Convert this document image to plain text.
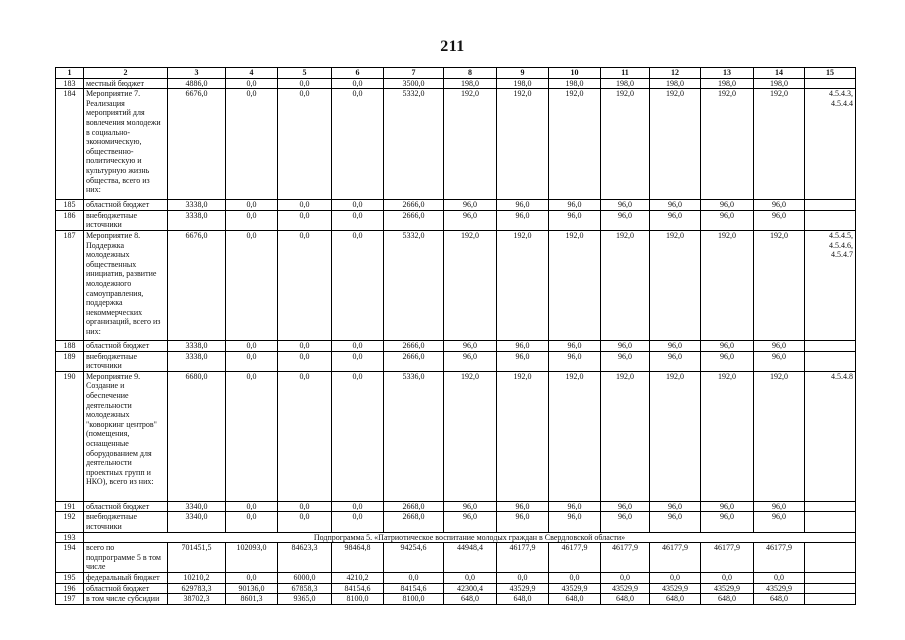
211
1	2	3	4	5	6	7	8	9	10	11	12	13	14	15
183	местный бюджет	4886,0	0,0	0,0	0,0	3500,0	198,0	198,0	198,0	198,0	198,0	198,0	198,0	
184	Мероприятие 7. Реализация мероприятий для вовлечения молодежи в социально-экономическую, общественно-политическую и культурную жизнь общества, всего из них:	6676,0	0,0	0,0	0,0	5332,0	192,0	192,0	192,0	192,0	192,0	192,0	192,0	4.5.4.3, 4.5.4.4
185	областной бюджет	3338,0	0,0	0,0	0,0	2666,0	96,0	96,0	96,0	96,0	96,0	96,0	96,0	
186	внебюджетные источники	3338,0	0,0	0,0	0,0	2666,0	96,0	96,0	96,0	96,0	96,0	96,0	96,0	
187	Мероприятие 8. Поддержка молодежных общественных инициатив, развитие молодежного самоуправления, поддержка некоммерческих организаций, всего из них:	6676,0	0,0	0,0	0,0	5332,0	192,0	192,0	192,0	192,0	192,0	192,0	192,0	4.5.4.5, 4.5.4.6, 4.5.4.7
188	областной бюджет	3338,0	0,0	0,0	0,0	2666,0	96,0	96,0	96,0	96,0	96,0	96,0	96,0	
189	внебюджетные источники	3338,0	0,0	0,0	0,0	2666,0	96,0	96,0	96,0	96,0	96,0	96,0	96,0	
190	Мероприятие 9. Создание и обеспечение деятельности молодежных "коворкинг центров" (помещения, оснащенные оборудованием для деятельности проектных групп и НКО), всего из них:	6680,0	0,0	0,0	0,0	5336,0	192,0	192,0	192,0	192,0	192,0	192,0	192,0	4.5.4.8
191	областной бюджет	3340,0	0,0	0,0	0,0	2668,0	96,0	96,0	96,0	96,0	96,0	96,0	96,0	
192	внебюджетные источники	3340,0	0,0	0,0	0,0	2668,0	96,0	96,0	96,0	96,0	96,0	96,0	96,0	
193	Подпрограмма 5. «Патриотическое воспитание молодых граждан в Свердловской области»													
194	всего по подпрограмме 5 в том числе	701451,5	102093,0	84623,3	98464,8	94254,6	44948,4	46177,9	46177,9	46177,9	46177,9	46177,9	46177,9	
195	федеральный бюджет	10210,2	0,0	6000,0	4210,2	0,0	0,0	0,0	0,0	0,0	0,0	0,0	0,0	
196	областной бюджет	629783,3	90136,0	67858,3	84154,6	84154,6	42300,4	43529,9	43529,9	43529,9	43529,9	43529,9	43529,9	
197	в том числе субсидии	38702,3	8601,3	9365,0	8100,0	8100,0	648,0	648,0	648,0	648,0	648,0	648,0	648,0	
